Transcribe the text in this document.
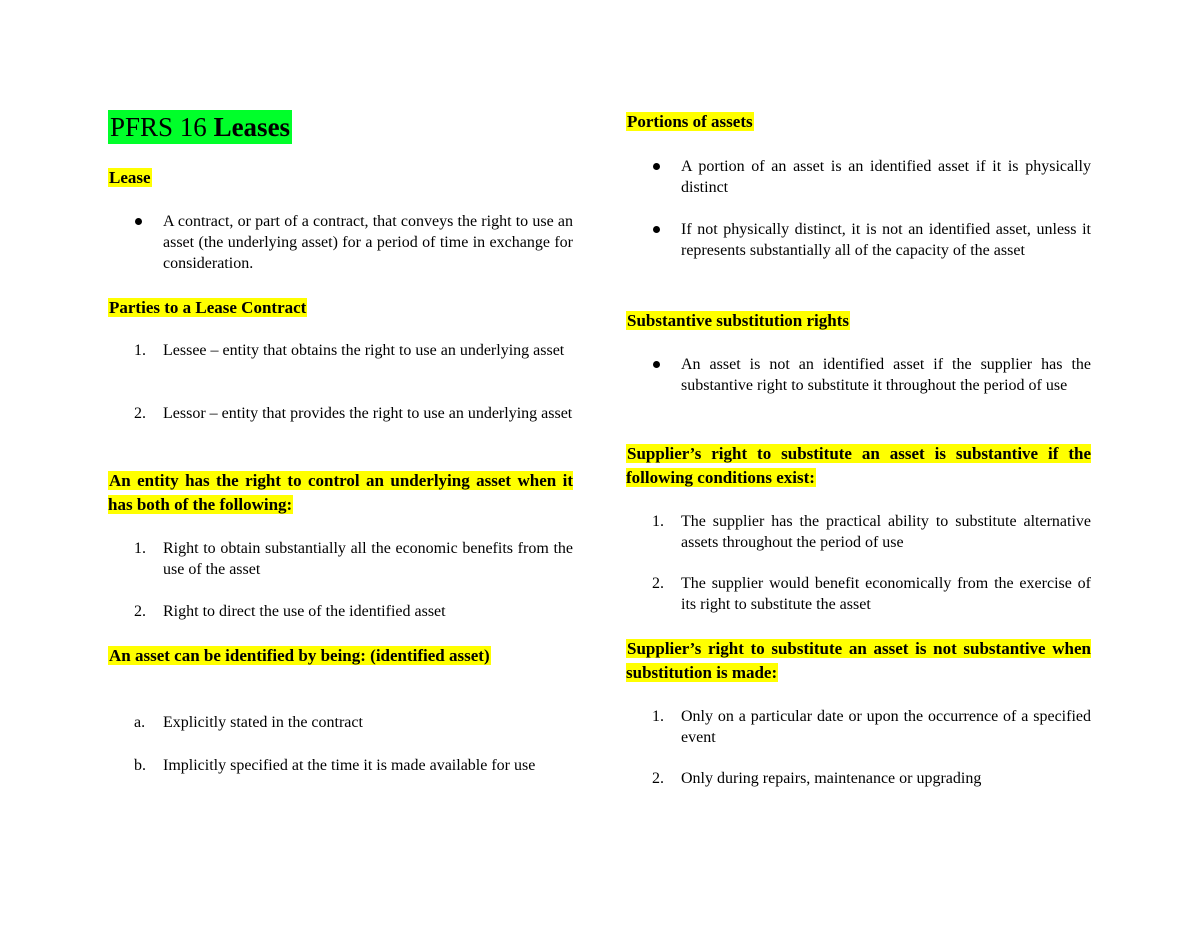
PFRS 16 Leases
Lease
A contract, or part of a contract, that conveys the right to use an asset (the underlying asset) for a period of time in exchange for consideration.
Parties to a Lease Contract
1. Lessee – entity that obtains the right to use an underlying asset
2. Lessor – entity that provides the right to use an underlying asset
An entity has the right to control an underlying asset when it has both of the following:
1. Right to obtain substantially all the economic benefits from the use of the asset
2. Right to direct the use of the identified asset
An asset can be identified by being: (identified asset)
a. Explicitly stated in the contract
b. Implicitly specified at the time it is made available for use
Portions of assets
A portion of an asset is an identified asset if it is physically distinct
If not physically distinct, it is not an identified asset, unless it represents substantially all of the capacity of the asset
Substantive substitution rights
An asset is not an identified asset if the supplier has the substantive right to substitute it throughout the period of use
Supplier’s right to substitute an asset is substantive if the following conditions exist:
1. The supplier has the practical ability to substitute alternative assets throughout the period of use
2. The supplier would benefit economically from the exercise of its right to substitute the asset
Supplier’s right to substitute an asset is not substantive when substitution is made:
1. Only on a particular date or upon the occurrence of a specified event
2. Only during repairs, maintenance or upgrading
